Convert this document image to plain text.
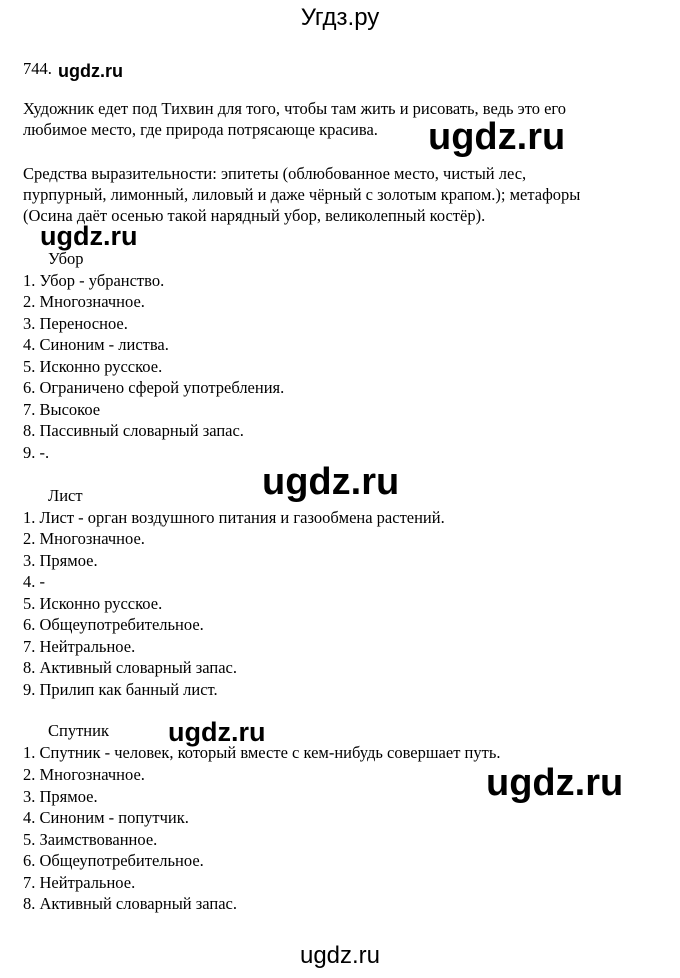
Угдз.ру
744. ugdz.ru
Художник едет под Тихвин для того, чтобы там жить и рисовать, ведь это его
любимое место, где природа потрясающе красива. ugdz.ru
Средства выразительности: эпитеты (облюбованное место, чистый лес,
пурпурный, лимонный, лиловый и даже чёрный с золотым крапом.); метафоры
(Осина даёт осенью такой нарядный убор, великолепный костёр).
ugdz.ru
Убор
1. Убор - убранство.
2. Многозначное.
3. Переносное.
4. Синоним - листва.
5. Исконно русское.
6. Ограничено сферой употребления.
7. Высокое
8. Пассивный словарный запас.
9. -.
ugdz.ru
Лист
1. Лист - орган воздушного питания и газообмена растений.
2. Многозначное.
3. Прямое.
4. -
5. Исконно русское.
6. Общеупотребительное.
7. Нейтральное.
8. Активный словарный запас.
9. Прилип как банный лист.
Спутник ugdz.ru
1. Спутник - человек, который вместе с кем-нибудь совершает путь.
2. Многозначное.
3. Прямое.
4. Синоним - попутчик.
5. Заимствованное.
6. Общеупотребительное.
7. Нейтральное.
8. Активный словарный запас.
ugdz.ru
ugdz.ru
